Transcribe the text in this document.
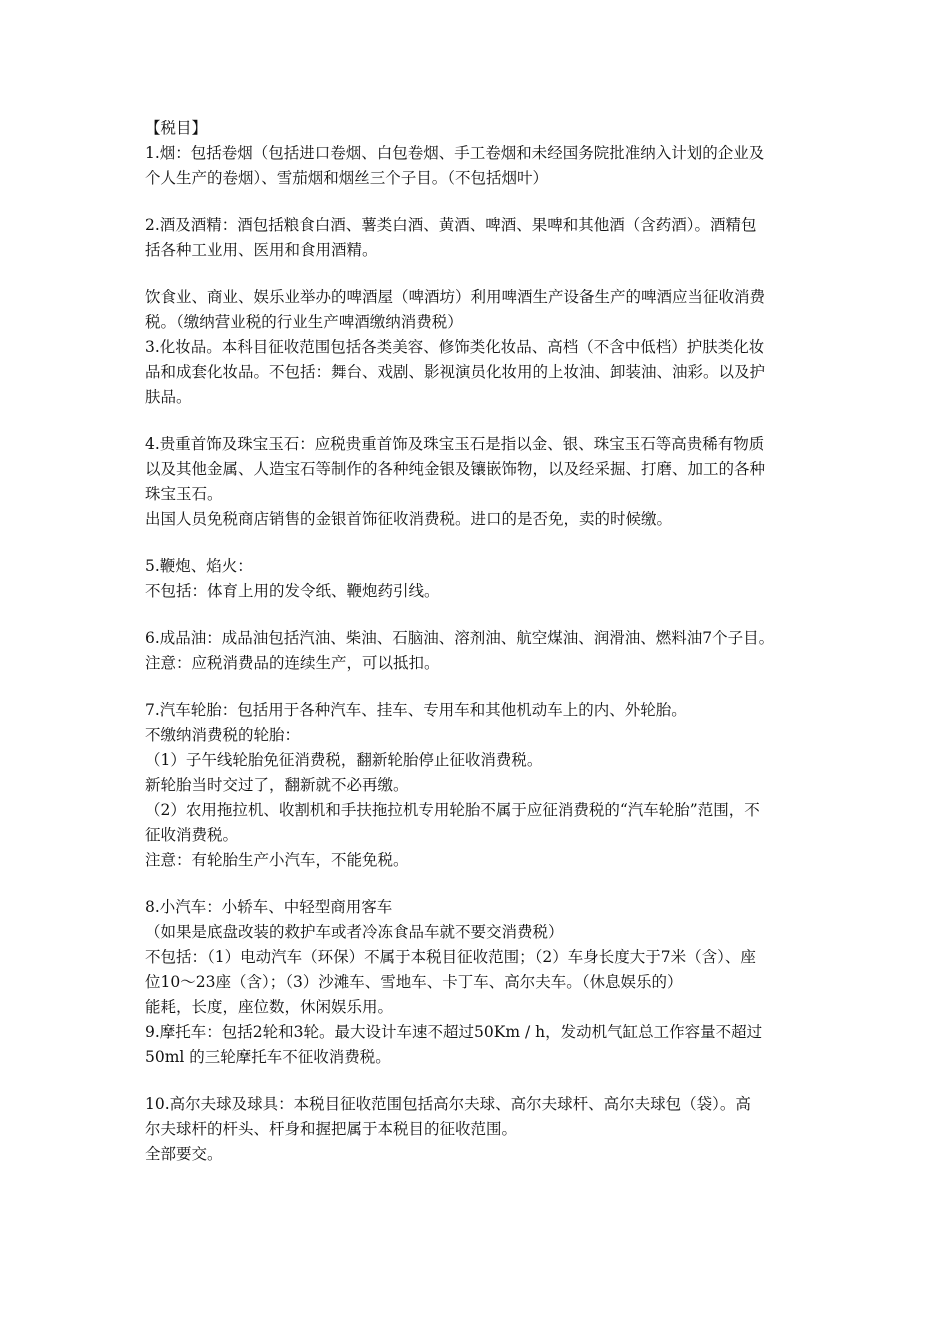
【税目】
1.烟：包括卷烟（包括进口卷烟、白包卷烟、手工卷烟和未经国务院批准纳入计划的企业及
个人生产的卷烟）、雪茄烟和烟丝三个子目。（不包括烟叶）
2.酒及酒精：酒包括粮食白酒、薯类白酒、黄酒、啤酒、果啤和其他酒（含药酒）。酒精包
括各种工业用、医用和食用酒精。
饮食业、商业、娱乐业举办的啤酒屋（啤酒坊）利用啤酒生产设备生产的啤酒应当征收消费
税。（缴纳营业税的行业生产啤酒缴纳消费税）
3.化妆品。本科目征收范围包括各类美容、修饰类化妆品、高档（不含中低档）护肤类化妆
品和成套化妆品。不包括：舞台、戏剧、影视演员化妆用的上妆油、卸装油、油彩。以及护
肤品。
4.贵重首饰及珠宝玉石：应税贵重首饰及珠宝玉石是指以金、银、珠宝玉石等高贵稀有物质
以及其他金属、人造宝石等制作的各种纯金银及镶嵌饰物，以及经采掘、打磨、加工的各种
珠宝玉石。
出国人员免税商店销售的金银首饰征收消费税。进口的是否免，卖的时候缴。
5.鞭炮、焰火：
不包括：体育上用的发令纸、鞭炮药引线。
6.成品油：成品油包括汽油、柴油、石脑油、溶剂油、航空煤油、润滑油、燃料油7个子目。
注意：应税消费品的连续生产，可以抵扣。
7.汽车轮胎：包括用于各种汽车、挂车、专用车和其他机动车上的内、外轮胎。
不缴纳消费税的轮胎：
（1）子午线轮胎免征消费税，翻新轮胎停止征收消费税。
新轮胎当时交过了，翻新就不必再缴。
（2）农用拖拉机、收割机和手扶拖拉机专用轮胎不属于应征消费税的“汽车轮胎”范围，不
征收消费税。
注意：有轮胎生产小汽车，不能免税。
8.小汽车：小轿车、中轻型商用客车
（如果是底盘改装的救护车或者冷冻食品车就不要交消费税）
不包括：（1）电动汽车（环保）不属于本税目征收范围；（2）车身长度大于7米（含）、座
位10～23座（含）；（3）沙滩车、雪地车、卡丁车、高尔夫车。（休息娱乐的）
能耗，长度，座位数，休闲娱乐用。
9.摩托车：包括2轮和3轮。最大设计车速不超过50Km / h，发动机气缸总工作容量不超过
50ml 的三轮摩托车不征收消费税。
10.高尔夫球及球具：本税目征收范围包括高尔夫球、高尔夫球杆、高尔夫球包（袋）。高
尔夫球杆的杆头、杆身和握把属于本税目的征收范围。
全部要交。
